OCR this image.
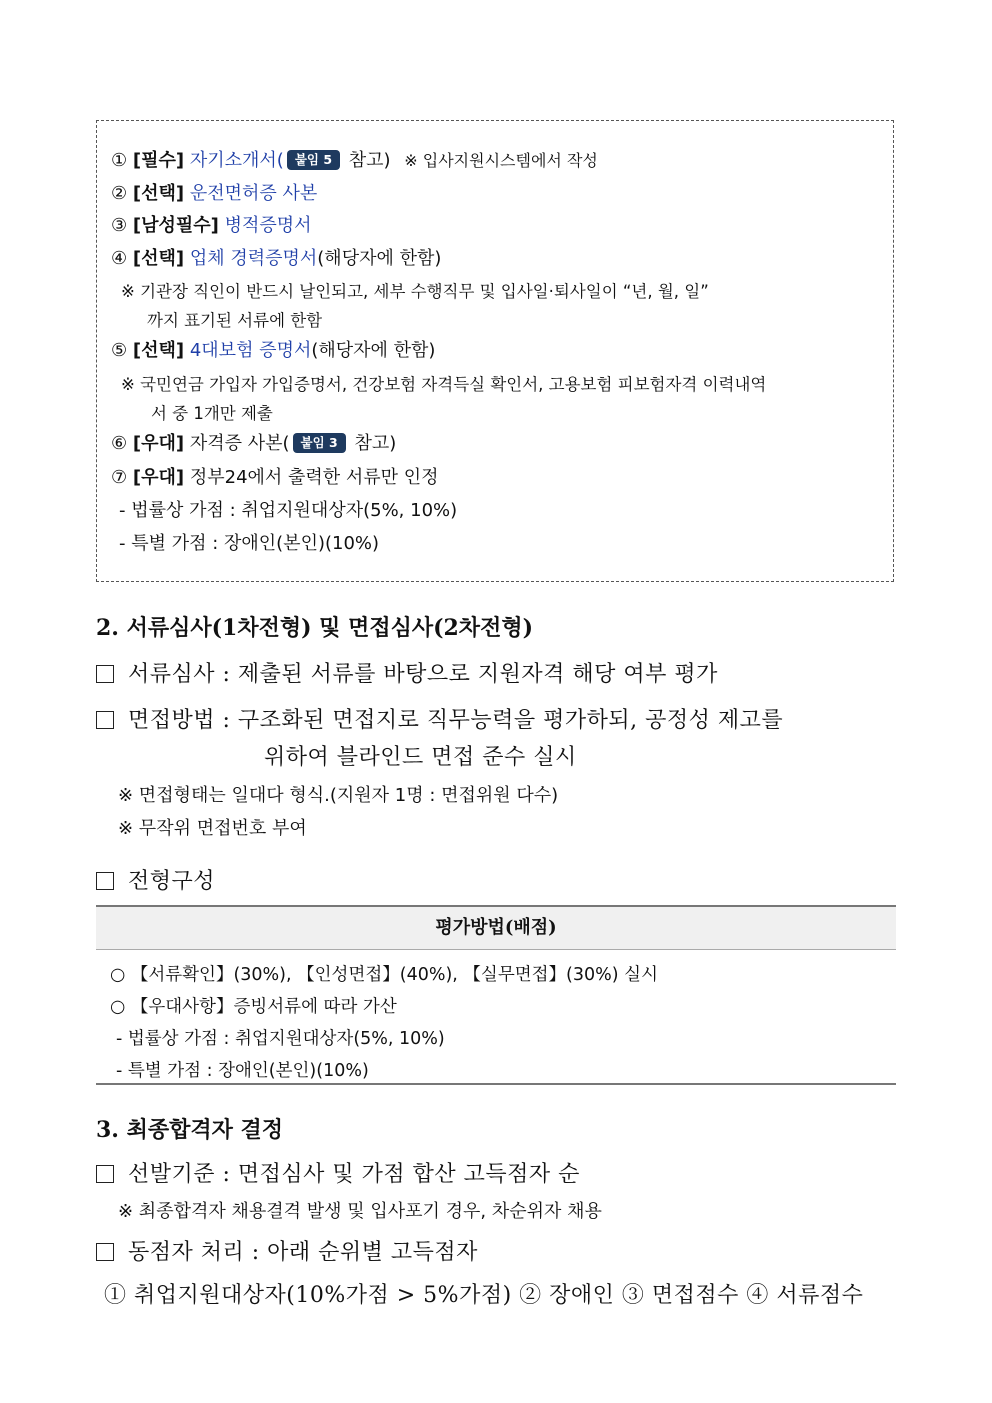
① [필수] 자기소개서( 붙임 5 참고) ※ 입사지원시스템에서 작성
② [선택] 운전면허증 사본
③ [남성필수] 병적증명서
④ [선택] 업체 경력증명서(해당자에 한함)
※ 기관장 직인이 반드시 날인되고, 세부 수행직무 및 입사일·퇴사일이 “년, 월, 일”
까지 표기된 서류에 한함
⑤ [선택] 4대보험 증명서(해당자에 한함)
※ 국민연금 가입자 가입증명서, 건강보험 자격득실 확인서, 고용보험 피보험자격 이력내역
서 중 1개만 제출
⑥ [우대] 자격증 사본( 붙임 3 참고)
⑦ [우대] 정부24에서 출력한 서류만 인정
- 법률상 가점 : 취업지원대상자(5%, 10%)
- 특별 가점 : 장애인(본인)(10%)
2. 서류심사(1차전형) 및 면접심사(2차전형)
서류심사 : 제출된 서류를 바탕으로 지원자격 해당 여부 평가
면접방법 : 구조화된 면접지로 직무능력을 평가하되, 공정성 제고를
위하여 블라인드 면접 준수 실시
※ 면접형태는 일대다 형식.(지원자 1명 : 면접위원 다수)
※ 무작위 면접번호 부여
전형구성
평가방법(배점)
○ 【서류확인】(30%), 【인성면접】(40%), 【실무면접】(30%) 실시
○ 【우대사항】증빙서류에 따라 가산
- 법률상 가점 : 취업지원대상자(5%, 10%)
- 특별 가점 : 장애인(본인)(10%)
3. 최종합격자 결정
선발기준 : 면접심사 및 가점 합산 고득점자 순
※ 최종합격자 채용결격 발생 및 입사포기 경우, 차순위자 채용
동점자 처리 : 아래 순위별 고득점자
① 취업지원대상자(10%가점 > 5%가점) ② 장애인 ③ 면접점수 ④ 서류점수
